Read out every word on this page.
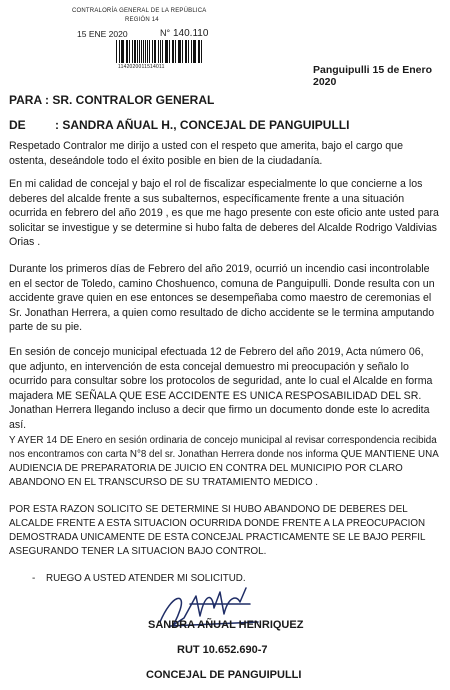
CONTRALORÍA GENERAL DE LA REPÚBLICA
REGIÓN 14
15 ENE 2020	N° 140.110
1142020011514011	Panguipulli 15 de Enero 2020
PARA : SR. CONTRALOR GENERAL
DE : SANDRA AÑUAL H., CONCEJAL DE PANGUIPULLI
Respetado Contralor me dirijo a usted con el respeto que amerita, bajo el cargo que ostenta, deseándole todo el éxito posible en bien de la ciudadanía.
En mi calidad de concejal y bajo el rol de fiscalizar especialmente lo que concierne a los deberes del alcalde frente a sus subalternos, específicamente frente a una situación ocurrida en febrero del año 2019 , es que me hago presente con este oficio ante usted para solicitar se investigue y se determine si hubo falta de deberes del Alcalde Rodrigo Valdivias Orias .
Durante los primeros días de Febrero del año 2019, ocurrió un incendio casi incontrolable en el sector de Toledo, camino Choshuenco, comuna de Panguipulli. Donde resulta con un accidente grave quien en ese entonces se desempeñaba como maestro de ceremonias el Sr. Jonathan Herrera, a quien como resultado de dicho accidente se le termina amputando parte de su pie.
En sesión de concejo municipal efectuada 12 de Febrero del año 2019, Acta número 06, que adjunto, en intervención de esta concejal demuestro mi preocupación y señalo lo ocurrido para consultar sobre los protocolos de seguridad, ante lo cual el Alcalde en forma majadera ME SEÑALA QUE ESE ACCIDENTE ES UNICA RESPOSABILIDAD DEL SR. Jonathan Herrera llegando incluso a decir que firmo un documento donde este lo acredita así.
Y AYER 14 DE Enero en sesión ordinaria de concejo municipal al revisar correspondencia recibida nos encontramos con carta N°8 del sr. Jonathan Herrera donde nos informa QUE MANTIENE UNA AUDIENCIA DE PREPARATORIA DE JUICIO EN CONTRA DEL MUNICIPIO POR CLARO ABANDONO EN EL TRANSCURSO DE SU TRATAMIENTO MEDICO .
POR ESTA RAZON SOLICITO SE DETERMINE SI HUBO ABANDONO DE DEBERES DEL ALCALDE FRENTE A ESTA SITUACION OCURRIDA DONDE FRENTE A LA PREOCUPACION DEMOSTRADA UNICAMENTE DE ESTA CONCEJAL PRACTICAMENTE SE LE BAJO PERFIL ASEGURANDO TENER LA SITUACION BAJO CONTROL.
- RUEGO A USTED ATENDER MI SOLICITUD.
SANDRA AÑUAL HENRIQUEZ
RUT 10.652.690-7
CONCEJAL DE PANGUIPULLI
